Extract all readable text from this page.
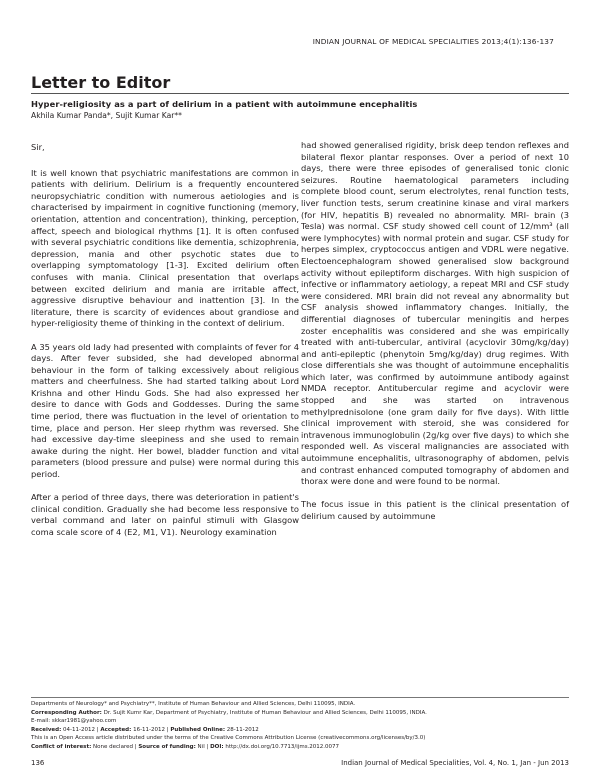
INDIAN JOURNAL OF MEDICAL SPECIALITIES 2013;4(1):136-137
Letter to Editor
Hyper-religiosity as a part of delirium in a patient with autoimmune encephalitis
Akhila Kumar Panda*, Sujit Kumar Kar**

Sir,

It is well known that psychiatric manifestations are common in patients with delirium. Delirium is a frequently encountered neuropsychiatric condition with numerous aetiologies and is characterised by impairment in cognitive functioning (memory, orientation, attention and concentration), thinking, perception, affect, speech and biological rhythms [1]. It is often confused with several psychiatric conditions like dementia, schizophrenia, depression, mania and other psychotic states due to overlapping symptomatology [1-3]. Excited delirium often confuses with mania. Clinical presentation that overlaps between excited delirium and mania are irritable affect, aggressive disruptive behaviour and inattention [3]. In the literature, there is scarcity of evidences about grandiose and hyper-religiosity theme of thinking in the context of delirium.

A 35 years old lady had presented with complaints of fever for 4 days. After fever subsided, she had developed abnormal behaviour in the form of talking excessively about religious matters and cheerfulness. She had started talking about Lord Krishna and other Hindu Gods. She had also expressed her desire to dance with Gods and Goddesses. During the same time period, there was fluctuation in the level of orientation to time, place and person. Her sleep rhythm was reversed. She had excessive day-time sleepiness and she used to remain awake during the night. Her bowel, bladder function and vital parameters (blood pressure and pulse) were normal during this period.

After a period of three days, there was deterioration in patient's clinical condition. Gradually she had become less responsive to verbal command and later on painful stimuli with Glasgow coma scale score of 4 (E2, M1, V1). Neurology examination

had showed generalised rigidity, brisk deep tendon reflexes and bilateral flexor plantar responses. Over a period of next 10 days, there were three episodes of generalised tonic clonic seizures. Routine haematological parameters including complete blood count, serum electrolytes, renal function tests, liver function tests, serum creatinine kinase and viral markers (for HIV, hepatitis B) revealed no abnormality. MRI- brain (3 Tesla) was normal. CSF study showed cell count of 12/mm³ (all were lymphocytes) with normal protein and sugar. CSF study for herpes simplex, cryptococcus antigen and VDRL were negative. Electoencephalogram showed generalised slow background activity without epileptiform discharges. With high suspicion of infective or inflammatory aetiology, a repeat MRI and CSF study were considered. MRI brain did not reveal any abnormality but CSF analysis showed inflammatory changes. Initially, the differential diagnoses of tubercular meningitis and herpes zoster encephalitis was considered and she was empirically treated with anti-tubercular, antiviral (acyclovir 30mg/kg/day) and anti-epileptic (phenytoin 5mg/kg/day) drug regimes. With close differentials she was thought of autoimmune encephalitis which later, was confirmed by autoimmune antibody against NMDA receptor. Antitubercular regime and acyclovir were stopped and she was started on intravenous methylprednisolone (one gram daily for five days). With little clinical improvement with steroid, she was considered for intravenous immunoglobulin (2g/kg over five days) to which she responded well. As visceral malignancies are associated with autoimmune encephalitis, ultrasonography of abdomen, pelvis and contrast enhanced computed tomography of abdomen and thorax were done and were found to be normal.

The focus issue in this patient is the clinical presentation of delirium caused by autoimmune

Departments of Neurology* and Psychiatry**, Institute of Human Behaviour and Allied Sciences, Delhi 110095, INDIA.
Corresponding Author: Dr. Sujit Kumr Kar, Department of Psychiatry, Institute of Human Behaviour and Allied Sciences, Delhi 110095, INDIA.
E-mail: skkar1981@yahoo.com
Received: 04-11-2012 | Accepted: 16-11-2012 | Published Online: 28-11-2012
This is an Open Access article distributed under the terms of the Creative Commons Attribution License (creativecommons.org/licenses/by/3.0)
Conflict of interest: None declared | Source of funding: Nil | DOI: http://dx.doi.org/10.7713/ijms.2012.0077
136	Indian Journal of Medical Specialities, Vol. 4, No. 1, Jan - Jun 2013
